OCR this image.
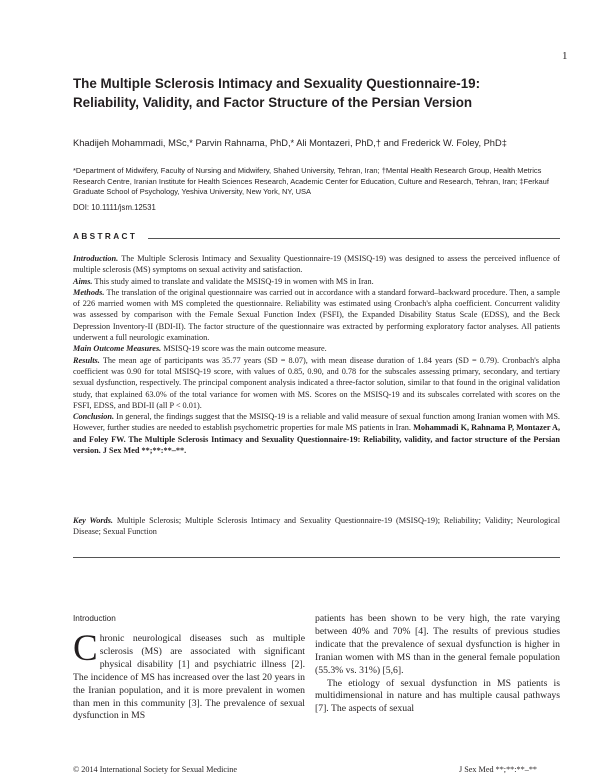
1
The Multiple Sclerosis Intimacy and Sexuality Questionnaire-19: Reliability, Validity, and Factor Structure of the Persian Version
Khadijeh Mohammadi, MSc,* Parvin Rahnama, PhD,* Ali Montazeri, PhD,† and Frederick W. Foley, PhD‡
*Department of Midwifery, Faculty of Nursing and Midwifery, Shahed University, Tehran, Iran; †Mental Health Research Group, Health Metrics Research Centre, Iranian Institute for Health Sciences Research, Academic Center for Education, Culture and Research, Tehran, Iran; ‡Ferkauf Graduate School of Psychology, Yeshiva University, New York, NY, USA
DOI: 10.1111/jsm.12531
ABSTRACT

Introduction. The Multiple Sclerosis Intimacy and Sexuality Questionnaire-19 (MSISQ-19) was designed to assess the perceived influence of multiple sclerosis (MS) symptoms on sexual activity and satisfaction.

Aims. This study aimed to translate and validate the MSISQ-19 in women with MS in Iran.

Methods. The translation of the original questionnaire was carried out in accordance with a standard forward–backward procedure. Then, a sample of 226 married women with MS completed the questionnaire. Reliability was estimated using Cronbach's alpha coefficient. Concurrent validity was assessed by comparison with the Female Sexual Function Index (FSFI), the Expanded Disability Status Scale (EDSS), and the Beck Depression Inventory-II (BDI-II). The factor structure of the questionnaire was extracted by performing exploratory factor analyses. All patients underwent a full neurologic examination.

Main Outcome Measures. MSISQ-19 score was the main outcome measure.

Results. The mean age of participants was 35.77 years (SD = 8.07), with mean disease duration of 1.84 years (SD = 0.79). Cronbach's alpha coefficient was 0.90 for total MSISQ-19 score, with values of 0.85, 0.90, and 0.78 for the subscales assessing primary, secondary, and tertiary sexual dysfunction, respectively. The principal component analysis indicated a three-factor solution, similar to that found in the original validation study, that explained 63.0% of the total variance for women with MS. Scores on the MSISQ-19 and its subscales correlated with scores on the FSFI, EDSS, and BDI-II (all P < 0.01).

Conclusion. In general, the findings suggest that the MSISQ-19 is a reliable and valid measure of sexual function among Iranian women with MS. However, further studies are needed to establish psychometric properties for male MS patients in Iran. Mohammadi K, Rahnama P, Montazer A, and Foley FW. The Multiple Sclerosis Intimacy and Sexuality Questionnaire-19: Reliability, validity, and factor structure of the Persian version. J Sex Med **;**:**–**.

Key Words. Multiple Sclerosis; Multiple Sclerosis Intimacy and Sexuality Questionnaire-19 (MSISQ-19); Reliability; Validity; Neurological Disease; Sexual Function
Introduction

Chronic neurological diseases such as multiple sclerosis (MS) are associated with significant physical disability [1] and psychiatric illness [2]. The incidence of MS has increased over the last 20 years in the Iranian population, and it is more prevalent in women than men in this community [3]. The prevalence of sexual dysfunction in MS

patients has been shown to be very high, the rate varying between 40% and 70% [4]. The results of previous studies indicate that the prevalence of sexual dysfunction is higher in Iranian women with MS than in the general female population (55.3% vs. 31%) [5,6].

The etiology of sexual dysfunction in MS patients is multidimensional in nature and has multiple causal pathways [7]. The aspects of sexual

© 2014 International Society for Sexual Medicine	J Sex Med **;**:**–**
